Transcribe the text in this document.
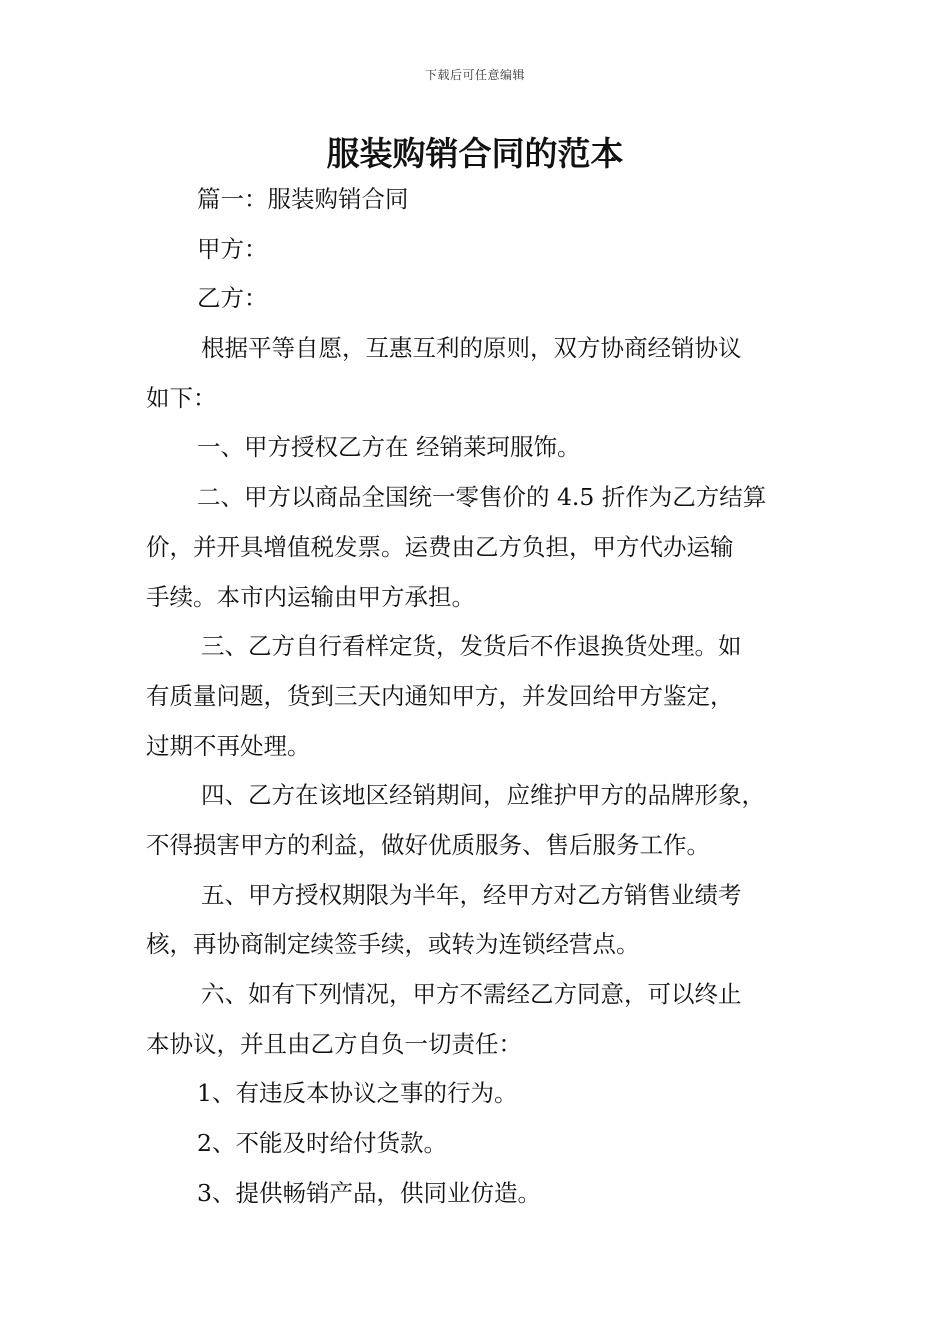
下载后可任意编辑
服装购销合同的范本
篇一：服装购销合同
甲方：
乙方：
根据平等自愿，互惠互利的原则，双方协商经销协议
如下：
一、甲方授权乙方在 经销莱珂服饰。
二、甲方以商品全国统一零售价的 4.5 折作为乙方结算
价，并开具增值税发票。运费由乙方负担，甲方代办运输
手续。本市内运输由甲方承担。
三、乙方自行看样定货，发货后不作退换货处理。如
有质量问题，货到三天内通知甲方，并发回给甲方鉴定，
过期不再处理。
四、乙方在该地区经销期间，应维护甲方的品牌形象，
不得损害甲方的利益，做好优质服务、售后服务工作。
五、甲方授权期限为半年，经甲方对乙方销售业绩考
核，再协商制定续签手续，或转为连锁经营点。
六、如有下列情况，甲方不需经乙方同意，可以终止
本协议，并且由乙方自负一切责任：
1、有违反本协议之事的行为。
2、不能及时给付货款。
3、提供畅销产品，供同业仿造。
